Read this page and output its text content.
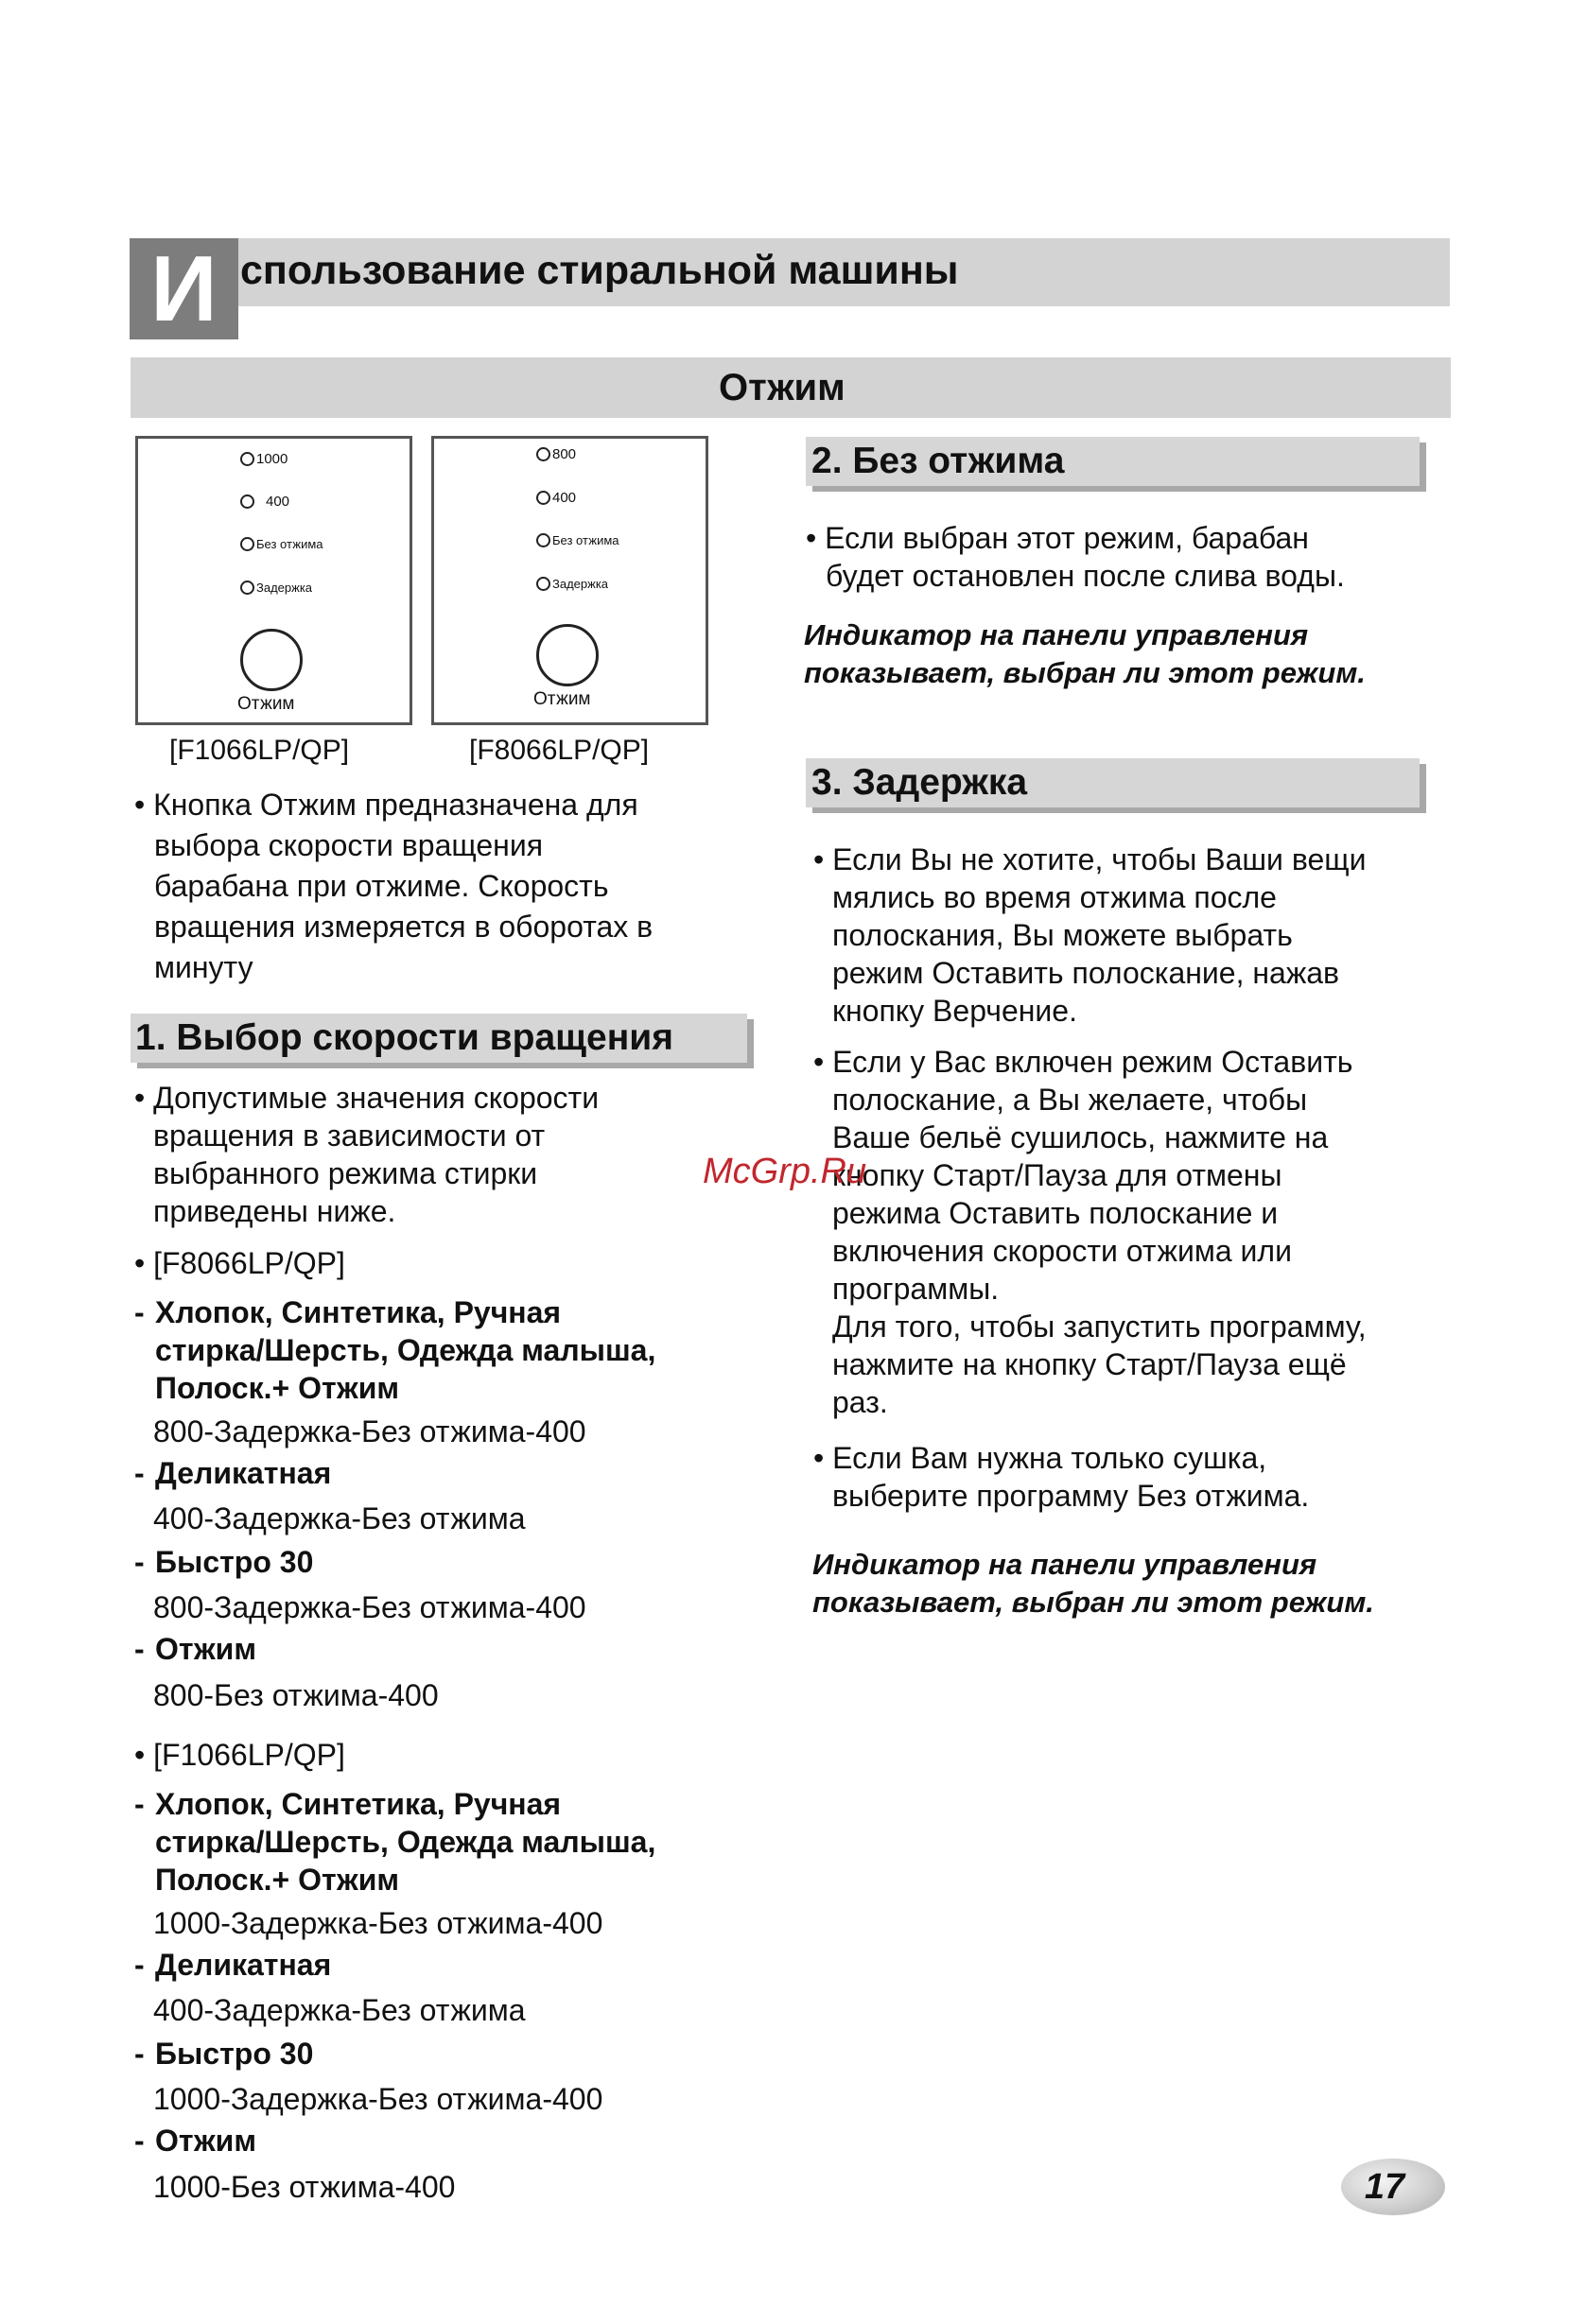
И спользование стиральной машины
Отжим
1000
400
Без отжима
Задержка
Отжим
[F1066LP/QP]
800
400
Без отжима
Задержка
Отжим
[F8066LP/QP]
• Кнопка Отжим предназначена для
выбора скорости вращения
барабана при отжиме. Скорость
вращения измеряется в оборотах в
минуту
1. Выбор скорости вращения
• Допустимые значения скорости
вращения в зависимости от
выбранного режима стирки
приведены ниже.
• [F8066LP/QP]
- Хлопок, Синтетика, Ручная
стирка/Шерсть, Одежда малыша,
Полоск.+ Отжим
800-Задержка-Без отжима-400
- Деликатная
400-Задержка-Без отжима
- Быстро 30
800-Задержка-Без отжима-400
- Отжим
800-Без отжима-400
• [F1066LP/QP]
- Хлопок, Синтетика, Ручная
стирка/Шерсть, Одежда малыша,
Полоск.+ Отжим
1000-Задержка-Без отжима-400
- Деликатная
400-Задержка-Без отжима
- Быстро 30
1000-Задержка-Без отжима-400
- Отжим
1000-Без отжима-400
2. Без отжима
• Если выбран этот режим, барабан
будет остановлен после слива воды.
Индикатор на панели управления
показывает, выбран ли этот режим.
3. Задержка
• Если Вы не хотите, чтобы Ваши вещи
мялись во время отжима после
полоскания, Вы можете выбрать
режим Оставить полоскание, нажав
кнопку Верчение.
• Если у Вас включен режим Оставить
полоскание, а Вы желаете, чтобы
Ваше бельё сушилось, нажмите на
кнопку Старт/Пауза для отмены
режима Оставить полоскание и
включения скорости отжима или
программы.
Для того, чтобы запустить программу,
нажмите на кнопку Старт/Пауза ещё
раз.
• Если Вам нужна только сушка,
выберите программу Без отжима.
Индикатор на панели управления
показывает, выбран ли этот режим.
McGrp.Ru
17
